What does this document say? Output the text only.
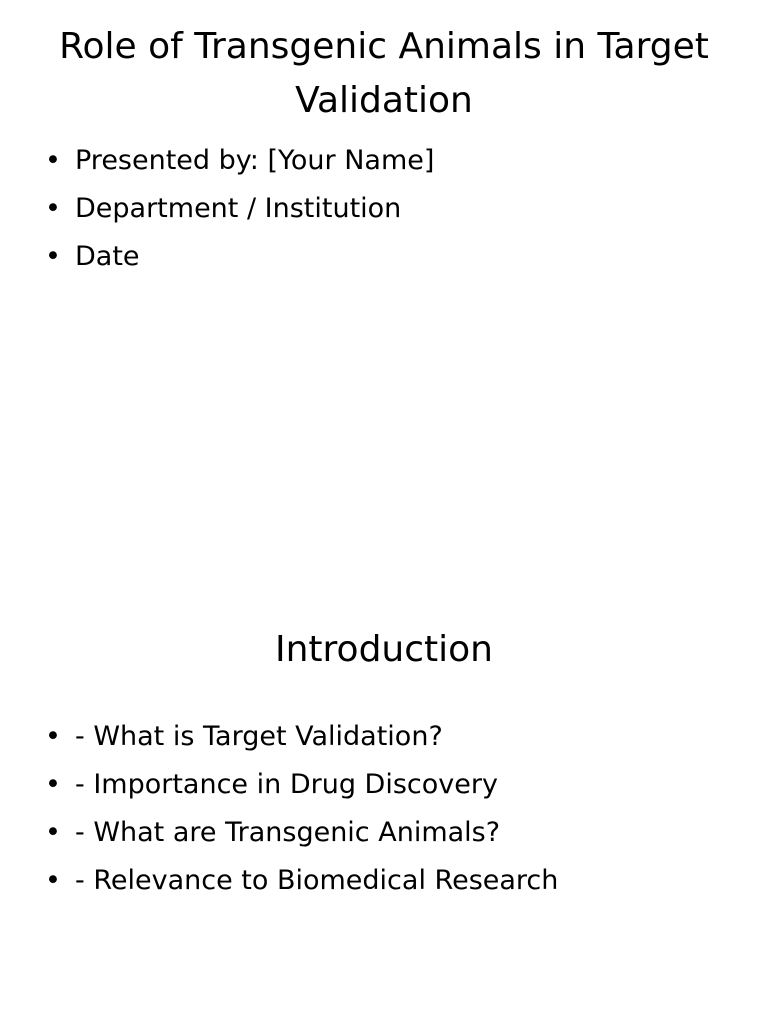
Role of Transgenic Animals in Target Validation
• Presented by: [Your Name]
• Department / Institution
• Date
Introduction
• - What is Target Validation?
• - Importance in Drug Discovery
• - What are Transgenic Animals?
• - Relevance to Biomedical Research
